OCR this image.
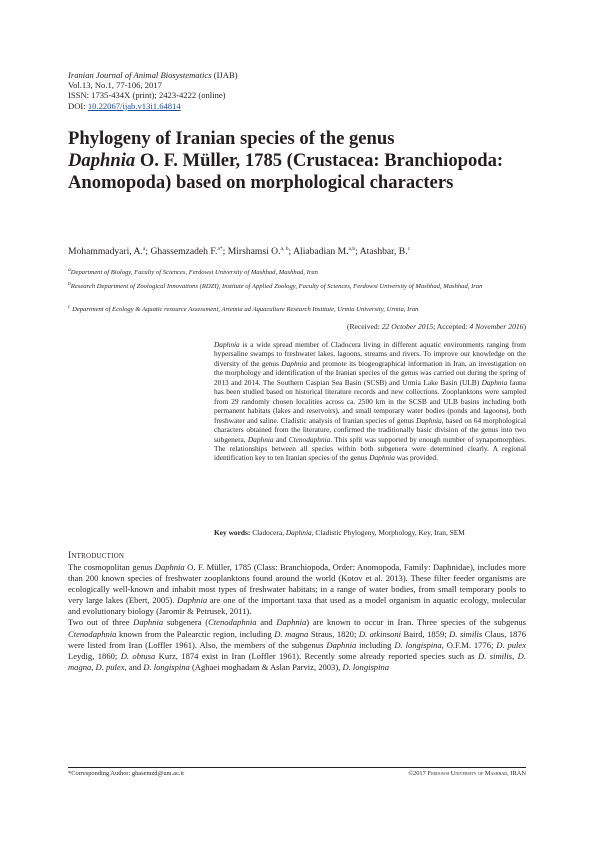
Iranian Journal of Animal Biosystematics (IJAB)
Vol.13, No.1, 77-106, 2017
ISSN: 1735-434X (print); 2423-4222 (online)
DOI: 10.22067/ijab.v13i1.64814
Phylogeny of Iranian species of the genus
Daphnia O. F. Müller, 1785 (Crustacea: Branchiopoda: Anomopoda) based on morphological characters
Mohammadyari, A.$^a$; Ghassemzadeh F.$^{a*}$; Mirshamsi O.$^{a, b}$; Aliabadian M.$^{a,b}$; Atashbar, B.$^c$
$^a$Department of Biology, Faculty of Sciences, Ferdowsi University of Mashhad, Mashhad, Iran
$^b$Research Department of Zoological Innovations (RDZI), Institute of Applied Zoology, Faculty of Sciences, Ferdowsi University of Mashhad, Mashhad, Iran
$^c$ Department of Ecology & Aquatic resource Assessment, Artemia ad Aquaculture Research Institute, Urmia University, Urmia, Iran
(Received: 22 October 2015; Accepted: 4 November 2016)
Daphnia is a wide spread member of Cladocera living in different aquatic environments ranging from hypersaline swamps to freshwater lakes, lagoons, streams and rivers. To improve our knowledge on the diversity of the genus Daphnia and promote its biogeographical information in Iran, an investigation on the morphology and identification of the Iranian species of the genus was carried out during the spring of 2013 and 2014. The Southern Caspian Sea Basin (SCSB) and Urmia Lake Basin (ULB) Daphnia fauna has been studied based on historical literature records and new collections. Zooplanktons were sampled from 29 randomly chosen localities across ca. 2500 km in the SCSB and ULB basins including both permanent habitats (lakes and reservoirs), and small temporary water bodies (ponds and lagoons), both freshwater and saline. Cladistic analysis of Iranian species of genus Daphnia, based on 64 morphological characters obtained from the literature, confirmed the traditionally basic division of the genus into two subgenera, Daphnia and Ctenodaphnia. This split was supported by enough number of synapomorphies. The relationships between all species within both subgenera were determined clearly. A regional identification key to ten Iranian species of the genus Daphnia was provided.
Key words: Cladocera, Daphnia, Cladistic Phylogeny, Morphology, Key, Iran, SEM
Introduction

The cosmopolitan genus Daphnia O. F. Müller, 1785 (Class: Branchiopoda, Order: Anomopoda, Family: Daphnidae), includes more than 200 known species of freshwater zooplanktons found around the world (Kotov et al. 2013). These filter feeder organisms are ecologically well-known and inhabit most types of freshwater habitats; in a range of water bodies, from small temporary pools to very large lakes (Ebert, 2005). Daphnia are one of the important taxa that used as a model organism in aquatic ecology, molecular and evolutionary biology (Jaromir & Petrusek, 2011).

Two out of three Daphnia subgenera (Ctenodaphnia and Daphnia) are known to occur in Iran. Three species of the subgenus Ctenodaphnia known from the Palearctic region, including D. magna Straus, 1820; D. atkinsoni Baird, 1859; D. similis Claus, 1876 were listed from Iran (Loffler 1961). Also, the members of the subgenus Daphnia including D. longispina, O.F.M. 1776; D. pulex Leydig, 1860; D. obtusa Kurz, 1874 exist in Iran (Loffler 1961). Recently some already reported species such as D. similis, D. magna, D. pulex, and D. longispina (Aghaei moghadam & Aslan Parviz, 2003), D. longispina

*Corresponding Author: ghasemzd@um.ac.ir	©2017 Ferdowsi University of Mashhad, IRAN
